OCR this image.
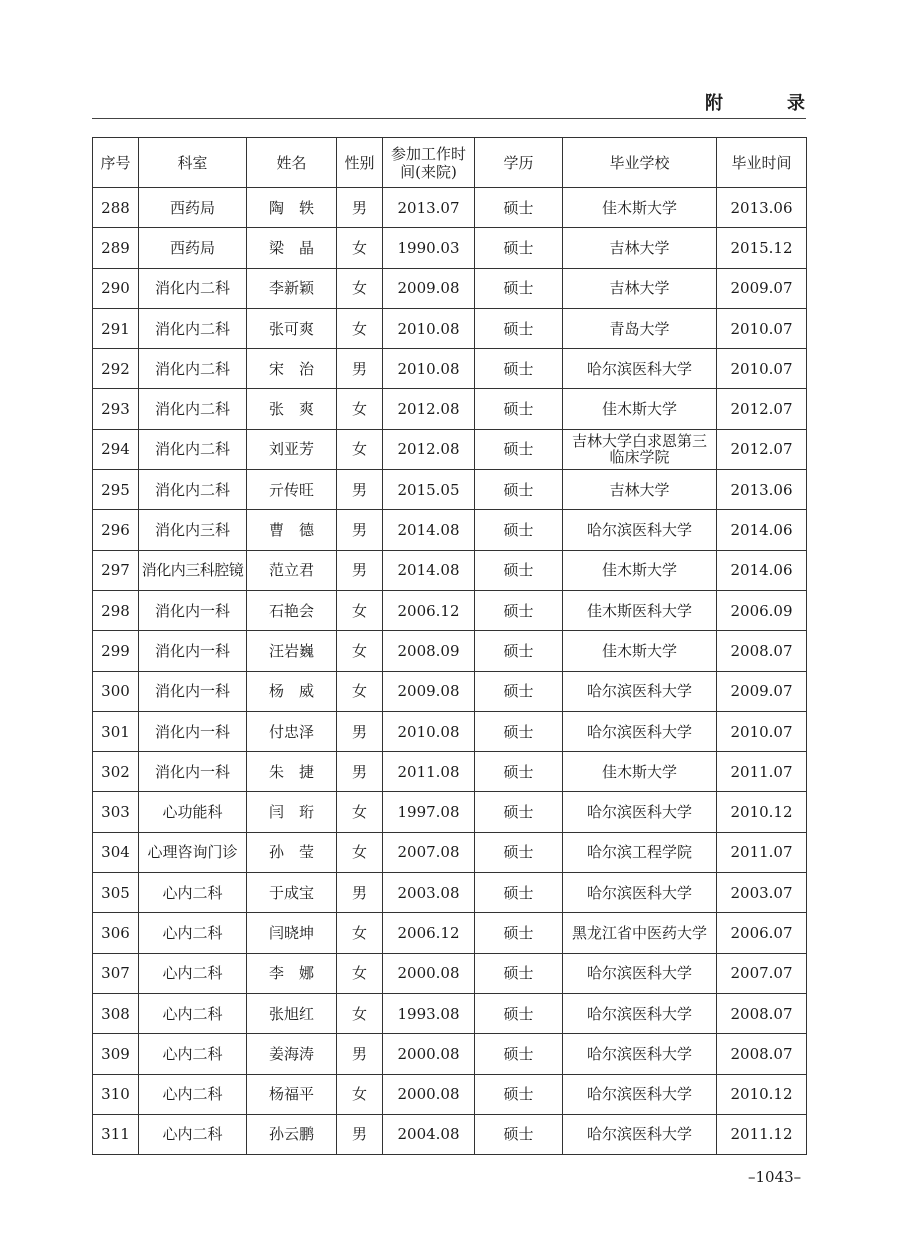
附	录
序号	科室	姓名	性别	参加工作时间(来院)	学历	毕业学校	毕业时间
288	西药局	陶　轶	男	2013.07	硕士	佳木斯大学	2013.06
289	西药局	梁　晶	女	1990.03	硕士	吉林大学	2015.12
290	消化内二科	李新颖	女	2009.08	硕士	吉林大学	2009.07
291	消化内二科	张可爽	女	2010.08	硕士	青岛大学	2010.07
292	消化内二科	宋　治	男	2010.08	硕士	哈尔滨医科大学	2010.07
293	消化内二科	张　爽	女	2012.08	硕士	佳木斯大学	2012.07
294	消化内二科	刘亚芳	女	2012.08	硕士	吉林大学白求恩第三临床学院	2012.07
295	消化内二科	亓传旺	男	2015.05	硕士	吉林大学	2013.06
296	消化内三科	曹　德	男	2014.08	硕士	哈尔滨医科大学	2014.06
297	消化内三科腔镜	范立君	男	2014.08	硕士	佳木斯大学	2014.06
298	消化内一科	石艳会	女	2006.12	硕士	佳木斯医科大学	2006.09
299	消化内一科	汪岩巍	女	2008.09	硕士	佳木斯大学	2008.07
300	消化内一科	杨　威	女	2009.08	硕士	哈尔滨医科大学	2009.07
301	消化内一科	付忠泽	男	2010.08	硕士	哈尔滨医科大学	2010.07
302	消化内一科	朱　捷	男	2011.08	硕士	佳木斯大学	2011.07
303	心功能科	闫　珩	女	1997.08	硕士	哈尔滨医科大学	2010.12
304	心理咨询门诊	孙　莹	女	2007.08	硕士	哈尔滨工程学院	2011.07
305	心内二科	于成宝	男	2003.08	硕士	哈尔滨医科大学	2003.07
306	心内二科	闫晓坤	女	2006.12	硕士	黑龙江省中医药大学	2006.07
307	心内二科	李　娜	女	2000.08	硕士	哈尔滨医科大学	2007.07
308	心内二科	张旭红	女	1993.08	硕士	哈尔滨医科大学	2008.07
309	心内二科	姜海涛	男	2000.08	硕士	哈尔滨医科大学	2008.07
310	心内二科	杨福平	女	2000.08	硕士	哈尔滨医科大学	2010.12
311	心内二科	孙云鹏	男	2004.08	硕士	哈尔滨医科大学	2011.12
–1043–
